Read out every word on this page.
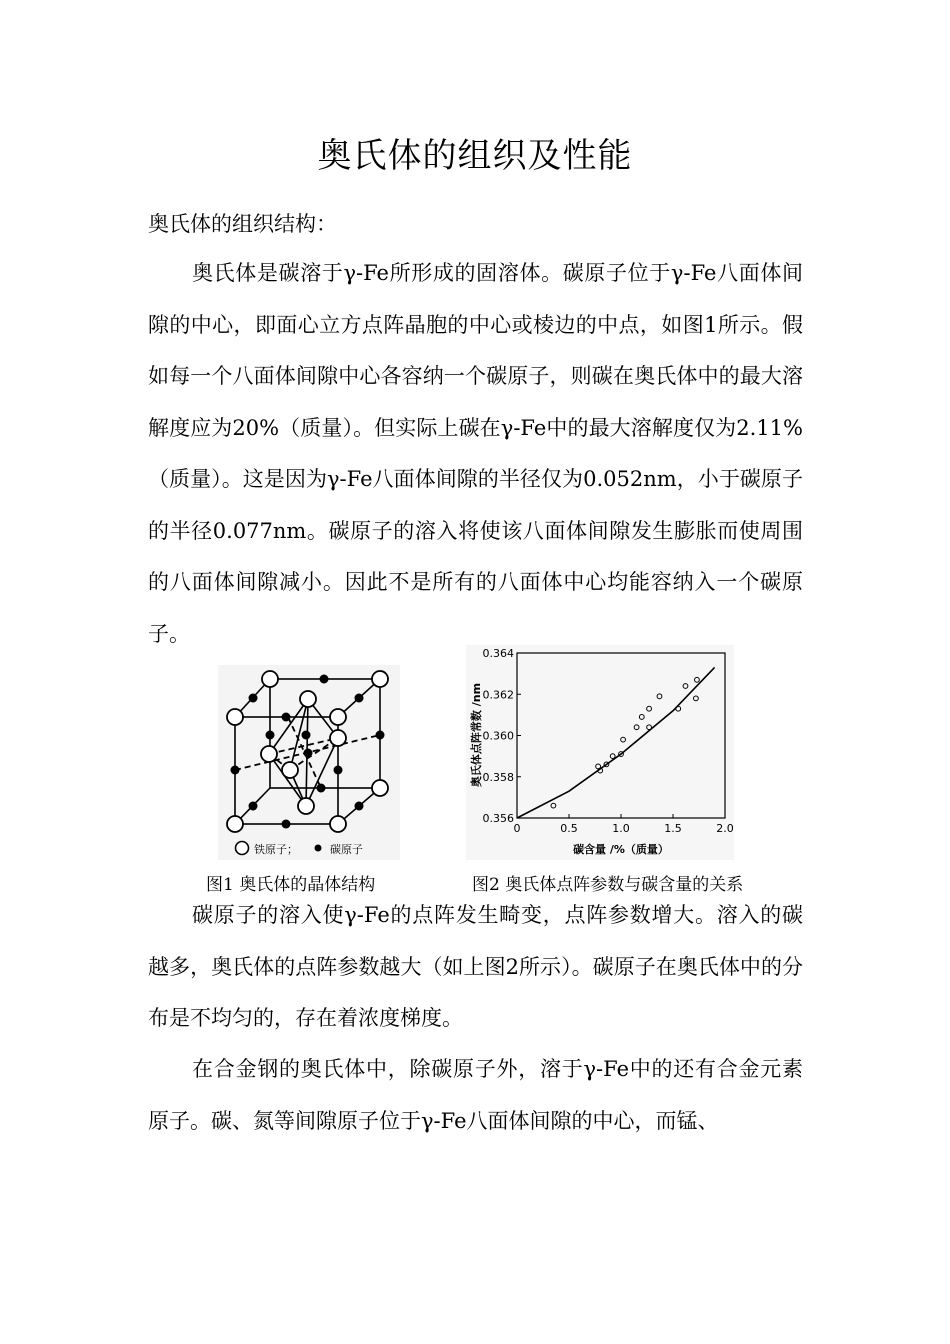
奥氏体的组织及性能
奥氏体的组织结构：

奥氏体是碳溶于γ-Fe所形成的固溶体。碳原子位于γ-Fe八面体间隙的中心，即面心立方点阵晶胞的中心或棱边的中点，如图1所示。假如每一个八面体间隙中心各容纳一个碳原子，则碳在奥氏体中的最大溶解度应为20%（质量）。但实际上碳在γ-Fe中的最大溶解度仅为2.11%（质量）。这是因为γ-Fe八面体间隙的半径仅为0.052nm，小于碳原子的半径0.077nm。碳原子的溶入将使该八面体间隙发生膨胀而使周围的八面体间隙减小。因此不是所有的八面体中心均能容纳入一个碳原子。

铁原子；	碳原子
0	0.5	1.0	1.5	2.0
0.356
0.358
0.360
0.362
0.364
碳含量 /%（质量）
奥氏体点阵常数 /nm
图1 奥氏体的晶体结构	图2 奥氏体点阵参数与碳含量的关系

碳原子的溶入使γ-Fe的点阵发生畸变，点阵参数增大。溶入的碳越多，奥氏体的点阵参数越大（如上图2所示）。碳原子在奥氏体中的分布是不均匀的，存在着浓度梯度。

在合金钢的奥氏体中，除碳原子外，溶于γ-Fe中的还有合金元素原子。碳、氮等间隙原子位于γ-Fe八面体间隙的中心，而锰、
